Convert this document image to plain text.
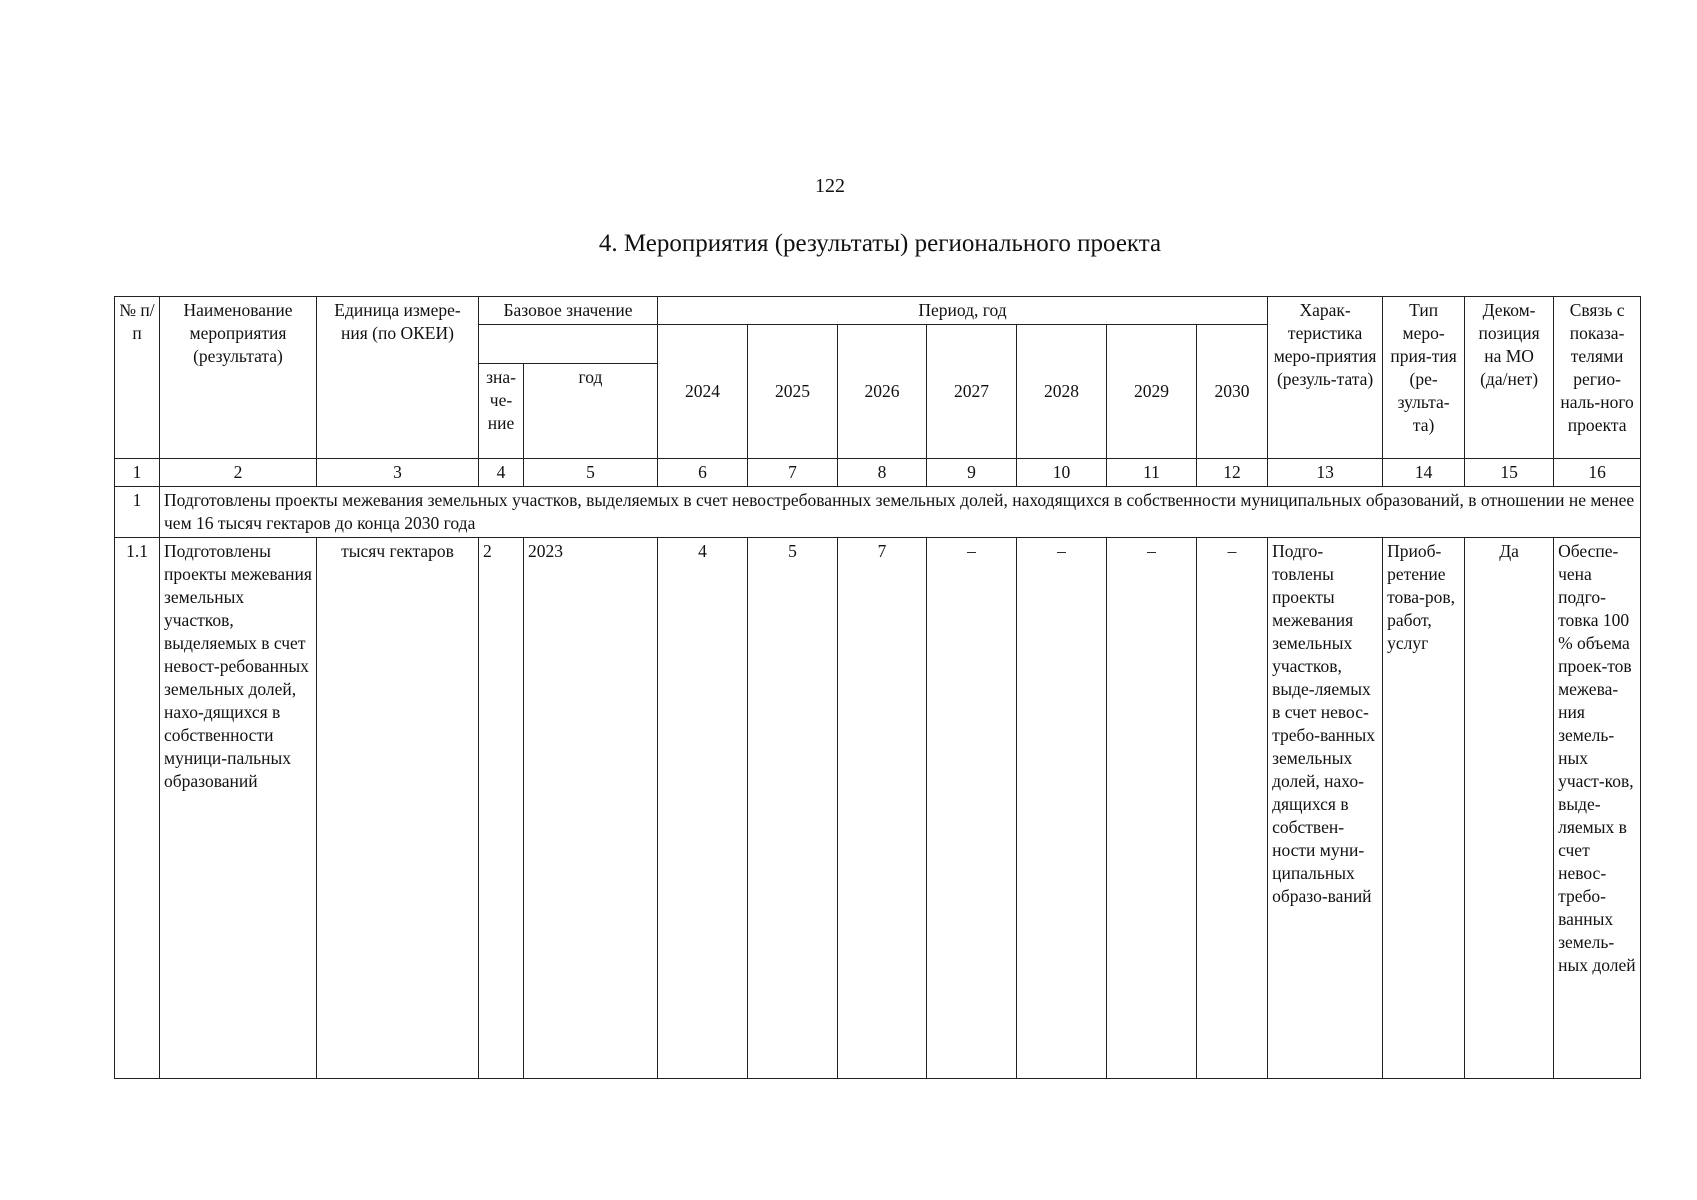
122
4. Мероприятия (результаты) регионального проекта
№ п/п	Наименование мероприятия (результата)	Единица измере-ния (по ОКЕИ)	Базовое значение		Период, год							Харак-теристика меро-приятия (резуль-тата)	Тип меро-прия-тия (ре-зульта-та)	Деком-позиция на МО (да/нет)	Связь с показа-телями регио-наль-ного проекта
					2024	2025	2026	2027	2028	2029	2030				
			зна-че-ние	год											
1	2	3	4	5	6	7	8	9	10	11	12	13	14	15	16
1	Подготовлены проекты межевания земельных участков, выделяемых в счет невостребованных земельных долей, находящихся в собственности муниципальных образований, в отношении не менее чем 16 тысяч гектаров до конца 2030 года														
1.1	Подготовлены проекты межевания земельных участков, выделяемых в счет невост-ребованных земельных долей, нахо-дящихся в собственности муници-пальных образований	тысяч гектаров	2	2023	4	5	7	–	–	–	–	Подго-товлены проекты межевания земельных участков, выде-ляемых в счет невос-требо-ванных земельных долей, нахо-дящихся в собствен-ности муни-ципальных образо-ваний	Приоб-ретение това-ров, работ, услуг	Да	Обеспе-чена подго-товка 100 % объема проек-тов межева-ния земель-ных участ-ков, выде-ляемых в счет невос-требо-ванных земель-ных долей
